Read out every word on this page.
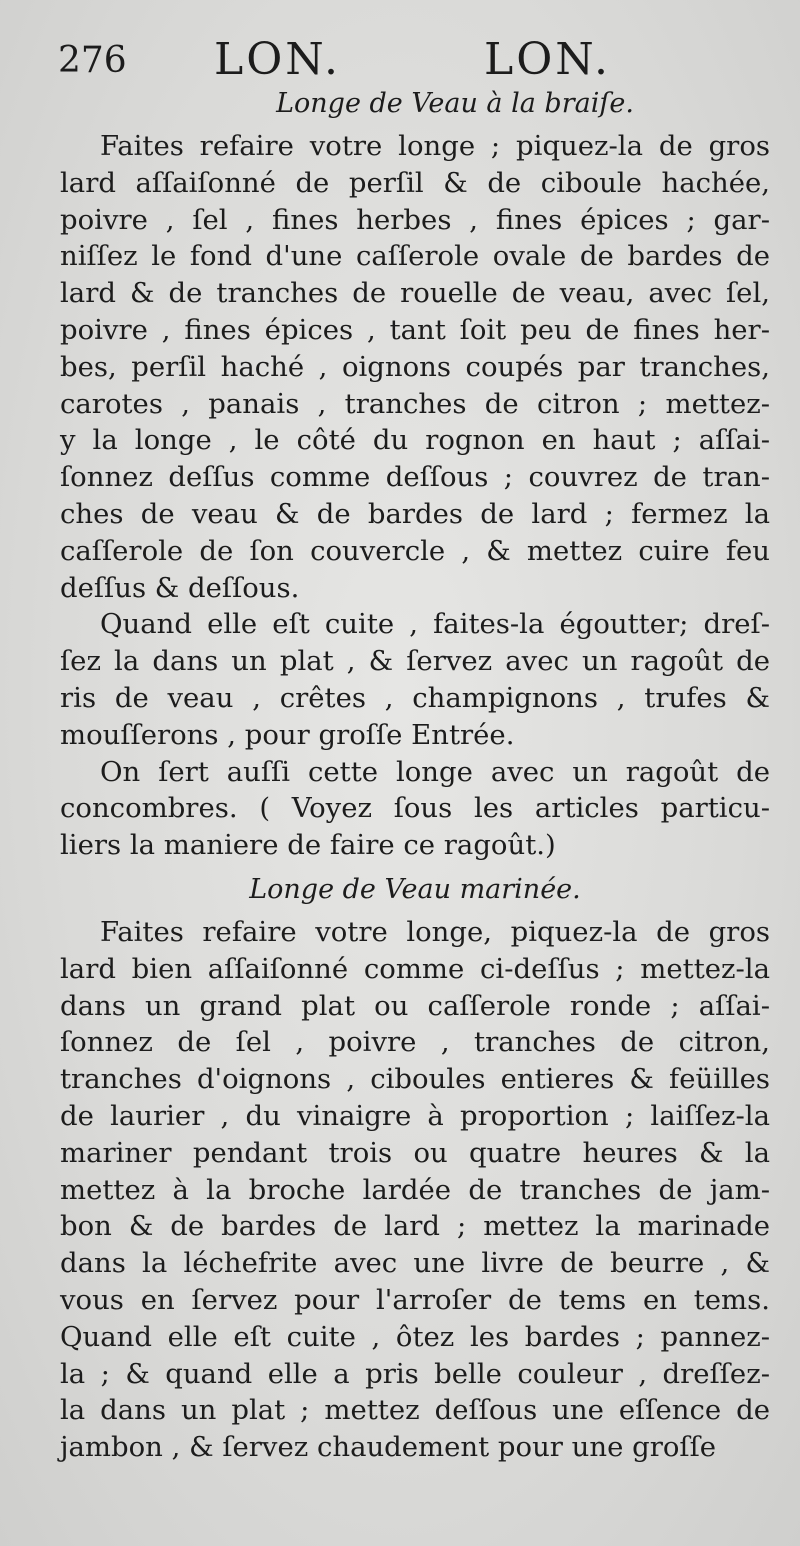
276 LON.	LON.
Longe de Veau à la braiſe.
Faites refaire votre longe ; piquez-la de gros
lard aſſaiſonné de perſil & de ciboule hachée,
poivre , ſel , fines herbes , fines épices ; gar-
niſſez le fond d'une caſſerole ovale de bardes de
lard & de tranches de rouelle de veau, avec ſel,
poivre , fines épices , tant ſoit peu de fines her-
bes, perſil haché , oignons coupés par tranches,
carotes , panais , tranches de citron ; mettez-
y la longe , le côté du rognon en haut ; aſſai-
ſonnez deſſus comme deſſous ; couvrez de tran-
ches de veau & de bardes de lard ; fermez la
caſſerole de ſon couvercle , & mettez cuire feu
deſſus & deſſous.
Quand elle eſt cuite , faites-la égoutter; dreſ-
ſez la dans un plat , & ſervez avec un ragoût de
ris de veau , crêtes , champignons , trufes &
mouſſerons , pour groſſe Entrée.
On ſert auſſi cette longe avec un ragoût de
concombres. ( Voyez ſous les articles particu-
liers la maniere de faire ce ragoût.)
Longe de Veau marinée.
Faites refaire votre longe, piquez-la de gros
lard bien aſſaiſonné comme ci-deſſus ; mettez-la
dans un grand plat ou caſſerole ronde ; aſſai-
ſonnez de ſel , poivre , tranches de citron,
tranches d'oignons , ciboules entieres & feüilles
de laurier , du vinaigre à proportion ; laiſſez-la
mariner pendant trois ou quatre heures & la
mettez à la broche lardée de tranches de jam-
bon & de bardes de lard ; mettez la marinade
dans la léchefrite avec une livre de beurre , &
vous en ſervez pour l'arroſer de tems en tems.
Quand elle eſt cuite , ôtez les bardes ; pannez-
la ; & quand elle a pris belle couleur , dreſſez-
la dans un plat ; mettez deſſous une eſſence de
jambon , & ſervez chaudement pour une groſſe
